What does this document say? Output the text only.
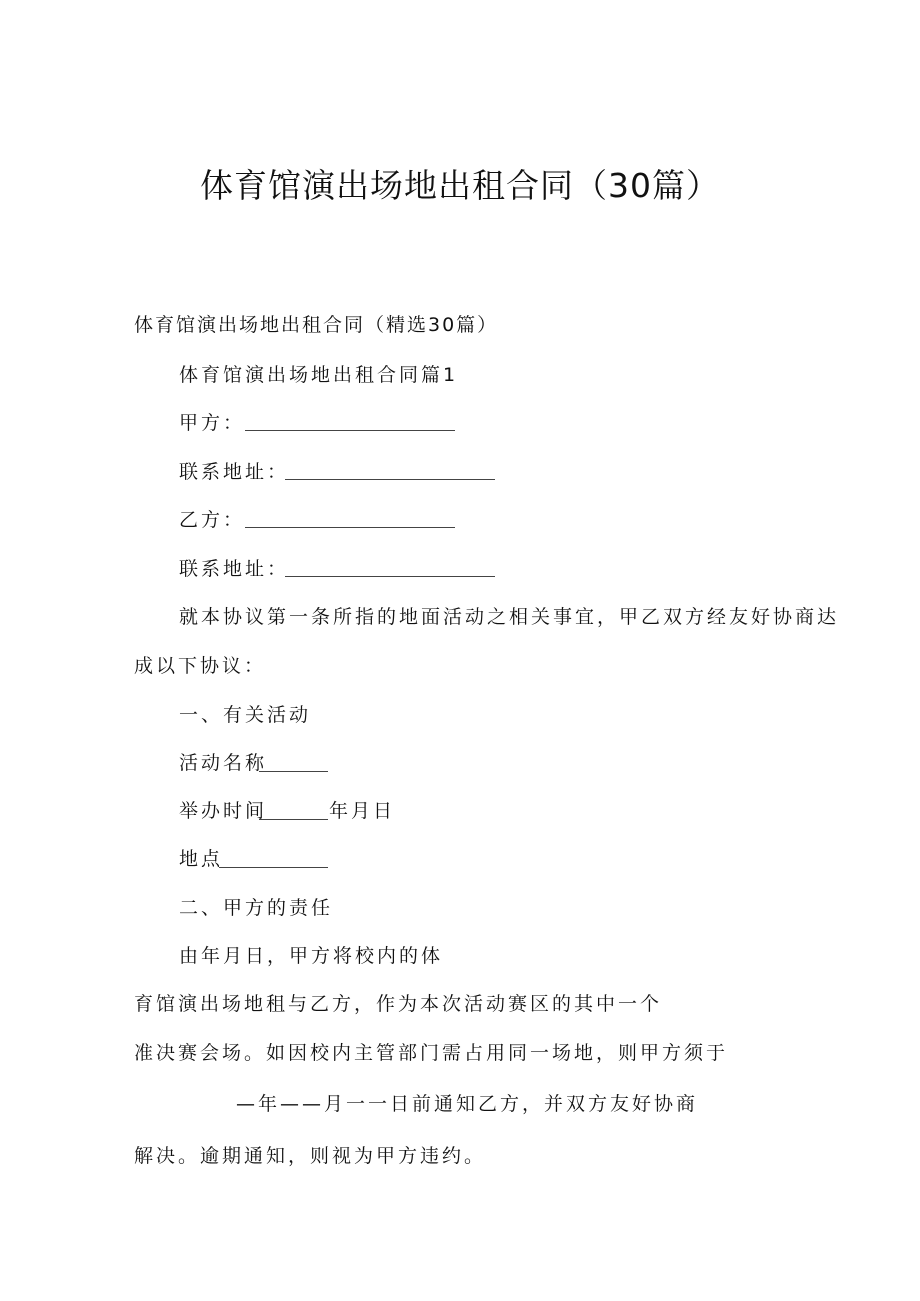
体育馆演出场地出租合同（30篇）
体育馆演出场地出租合同（精选30篇）
体育馆演出场地出租合同篇1
甲方：
联系地址：
乙方：
联系地址：
就本协议第一条所指的地面活动之相关事宜，甲乙双方经友好协商达
成以下协议：
一、有关活动
活动名称
举办时间	年月日
地点
二、甲方的责任
由年月日，甲方将校内的体
育馆演出场地租与乙方，作为本次活动赛区的其中一个
准决赛会场。如因校内主管部门需占用同一场地，则甲方须于
—年——月一一日前通知乙方，并双方友好协商
解决。逾期通知，则视为甲方违约。
